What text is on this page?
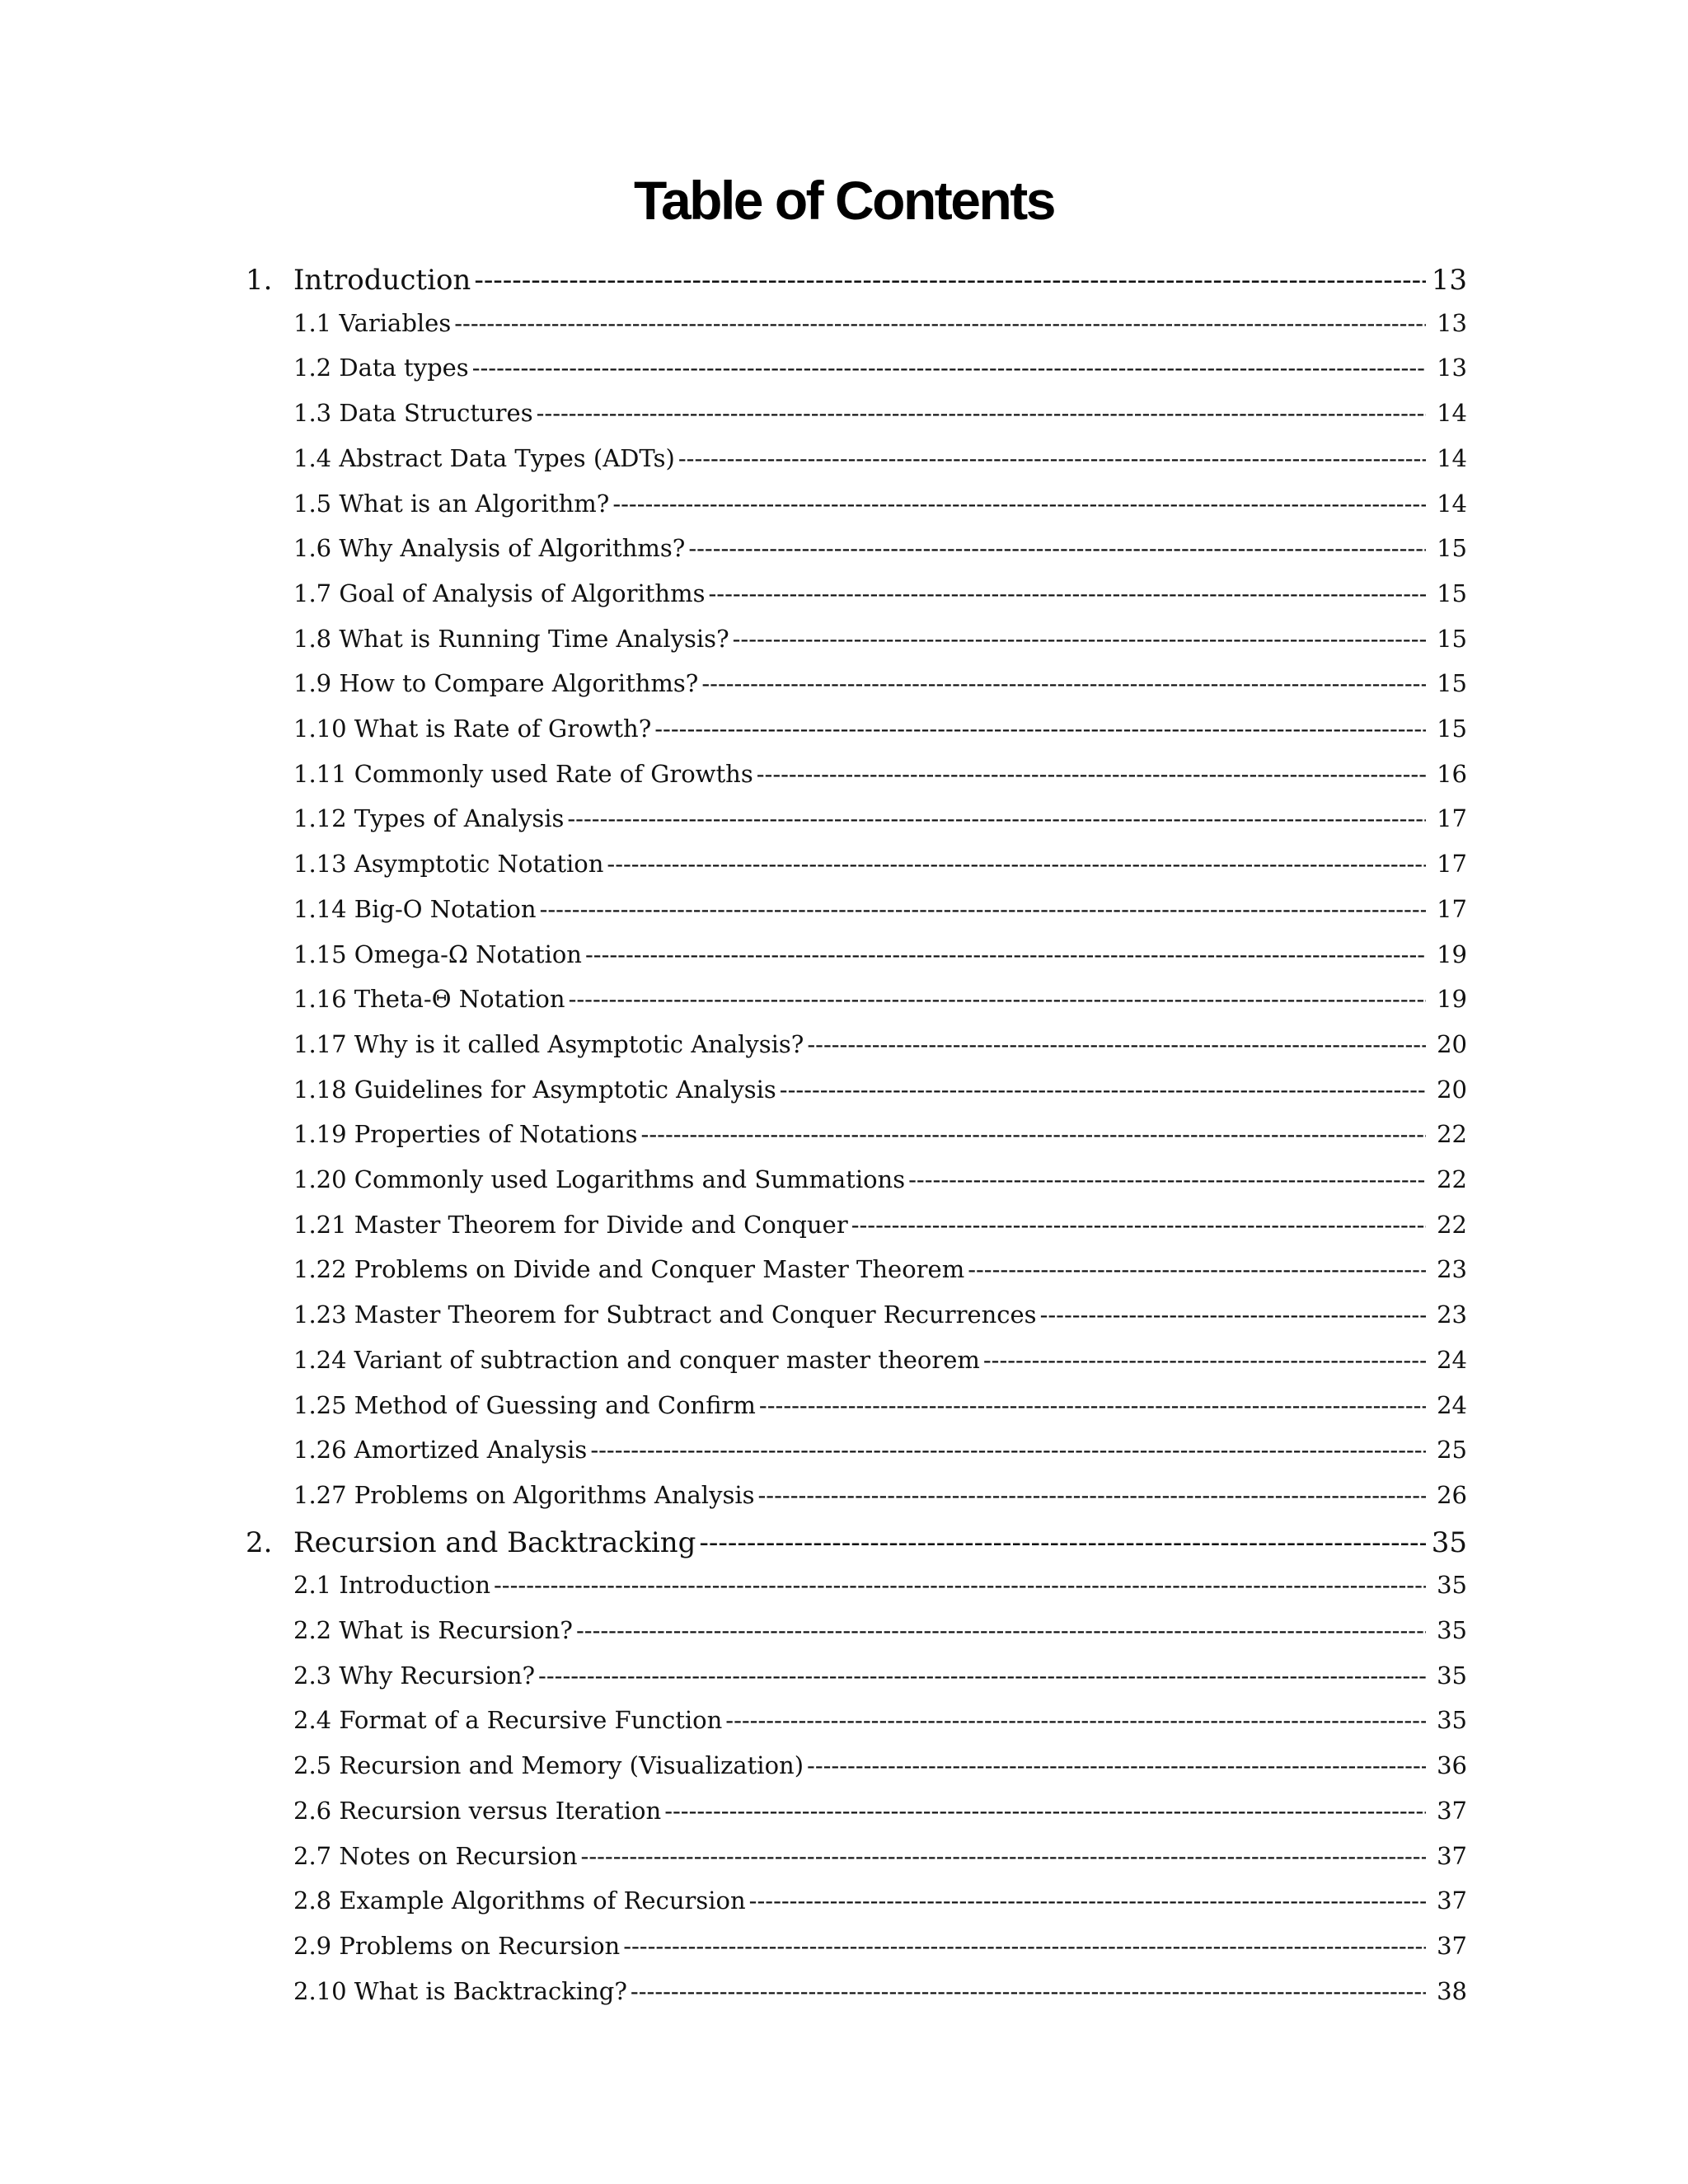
Table of Contents
1. Introduction -----	13
1.1 Variables -----	13
1.2 Data types -----	13
1.3 Data Structures -----	14
1.4 Abstract Data Types (ADTs) -----	14
1.5 What is an Algorithm? -----	14
1.6 Why Analysis of Algorithms? -----	15
1.7 Goal of Analysis of Algorithms -----	15
1.8 What is Running Time Analysis? -----	15
1.9 How to Compare Algorithms? -----	15
1.10 What is Rate of Growth? -----	15
1.11 Commonly used Rate of Growths -----	16
1.12 Types of Analysis -----	17
1.13 Asymptotic Notation -----	17
1.14 Big-O Notation -----	17
1.15 Omega-Ω Notation -----	19
1.16 Theta-Θ Notation -----	19
1.17 Why is it called Asymptotic Analysis? -----	20
1.18 Guidelines for Asymptotic Analysis -----	20
1.19 Properties of Notations -----	22
1.20 Commonly used Logarithms and Summations -----	22
1.21 Master Theorem for Divide and Conquer -----	22
1.22 Problems on Divide and Conquer Master Theorem -----	23
1.23 Master Theorem for Subtract and Conquer Recurrences -----	23
1.24 Variant of subtraction and conquer master theorem -----	24
1.25 Method of Guessing and Confirm -----	24
1.26 Amortized Analysis -----	25
1.27 Problems on Algorithms Analysis -----	26
2. Recursion and Backtracking -----	35
2.1 Introduction -----	35
2.2 What is Recursion? -----	35
2.3 Why Recursion? -----	35
2.4 Format of a Recursive Function -----	35
2.5 Recursion and Memory (Visualization) -----	36
2.6 Recursion versus Iteration -----	37
2.7 Notes on Recursion -----	37
2.8 Example Algorithms of Recursion -----	37
2.9 Problems on Recursion -----	37
2.10 What is Backtracking? -----	38
